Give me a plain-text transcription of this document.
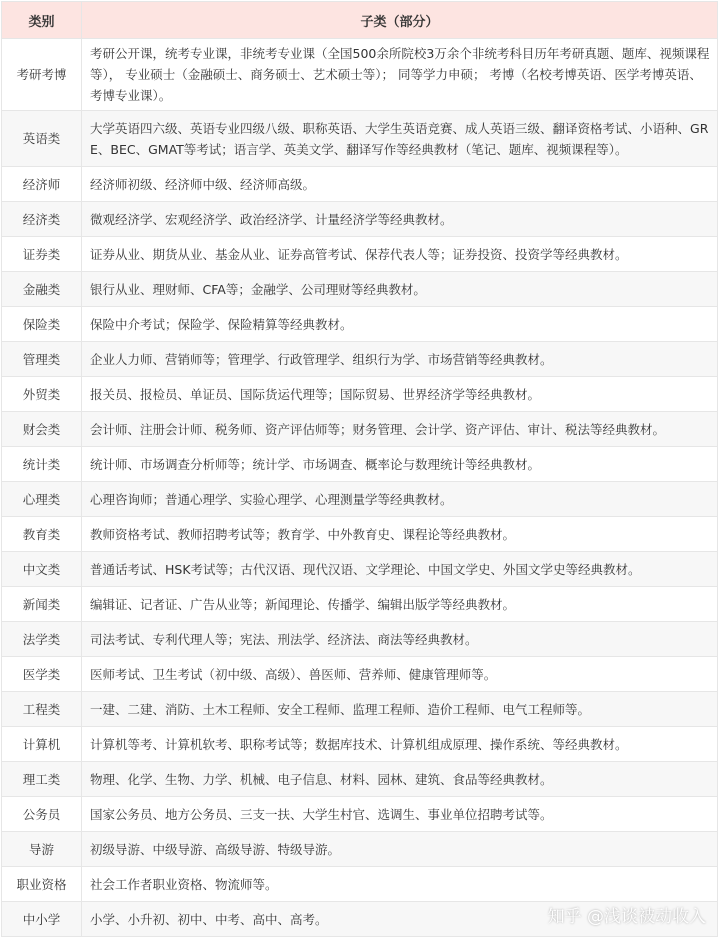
类别	子类（部分）
考研考博	考研公开课，统考专业课，非统考专业课（全国500余所院校3万余个非统考科目历年考研真题、题库、视频课程等）， 专业硕士（金融硕士、商务硕士、艺术硕士等）； 同等学力申硕； 考博（名校考博英语、医学考博英语、考博专业课）。
英语类	大学英语四六级、英语专业四级八级、职称英语、大学生英语竞赛、成人英语三级、翻译资格考试、小语种、GRE、BEC、GMAT等考试；语言学、英美文学、翻译写作等经典教材（笔记、题库、视频课程等）。
经济师	经济师初级、经济师中级、经济师高级。
经济类	微观经济学、宏观经济学、政治经济学、计量经济学等经典教材。
证券类	证券从业、期货从业、基金从业、证券高管考试、保荐代表人等；证券投资、投资学等经典教材。
金融类	银行从业、理财师、CFA等；金融学、公司理财等经典教材。
保险类	保险中介考试；保险学、保险精算等经典教材。
管理类	企业人力师、营销师等；管理学、行政管理学、组织行为学、市场营销等经典教材。
外贸类	报关员、报检员、单证员、国际货运代理等；国际贸易、世界经济学等经典教材。
财会类	会计师、注册会计师、税务师、资产评估师等；财务管理、会计学、资产评估、审计、税法等经典教材。
统计类	统计师、市场调查分析师等；统计学、市场调查、概率论与数理统计等经典教材。
心理类	心理咨询师；普通心理学、实验心理学、心理测量学等经典教材。
教育类	教师资格考试、教师招聘考试等；教育学、中外教育史、课程论等经典教材。
中文类	普通话考试、HSK考试等；古代汉语、现代汉语、文学理论、中国文学史、外国文学史等经典教材。
新闻类	编辑证、记者证、广告从业等；新闻理论、传播学、编辑出版学等经典教材。
法学类	司法考试、专利代理人等；宪法、刑法学、经济法、商法等经典教材。
医学类	医师考试、卫生考试（初中级、高级）、兽医师、营养师、健康管理师等。
工程类	一建、二建、消防、土木工程师、安全工程师、监理工程师、造价工程师、电气工程师等。
计算机	计算机等考、计算机软考、职称考试等；数据库技术、计算机组成原理、操作系统、等经典教材。
理工类	物理、化学、生物、力学、机械、电子信息、材料、园林、建筑、食品等经典教材。
公务员	国家公务员、地方公务员、三支一扶、大学生村官、选调生、事业单位招聘考试等。
导游	初级导游、中级导游、高级导游、特级导游。
职业资格	社会工作者职业资格、物流师等。
中小学	小学、小升初、初中、中考、高中、高考。	知乎 @浅谈被动收入
